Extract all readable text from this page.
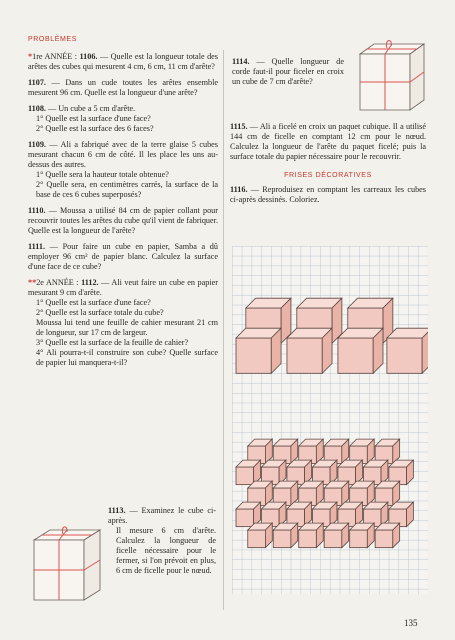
PROBLÈMES

*1re ANNÉE : 1106. — Quelle est la longueur totale des arêtes des cubes qui mesurent 4 cm, 6 cm, 11 cm d'arête?

1107. — Dans un cude toutes les arêtes ensemble mesurent 96 cm. Quelle est la longueur d'une arête?

1108. — Un cube a 5 cm d'arête.
1° Quelle est la surface d'une face?
2° Quelle est la surface des 6 faces?

1109. — Ali a fabriqué avec de la terre glaise 5 cubes mesurant chacun 6 cm de côté. Il les place les uns au-dessus des autres.
1° Quelle sera la hauteur totale obtenue?
2° Quelle sera, en centimètres carrés, la surface de la base de ces 6 cubes superposés?

1110. — Moussa a utilisé 84 cm de papier collant pour recouvrir toutes les arêtes du cube qu'il vient de fabriquer. Quelle est la longueur de l'arête?

1111. — Pour faire un cube en papier, Samba a dû employer 96 cm² de papier blanc. Calculez la surface d'une face de ce cube?

**2e ANNÉE : 1112. — Ali veut faire un cube en papier mesurant 9 cm d'arête.
1° Quelle est la surface d'une face?
2° Quelle est la surface totale du cube?
Moussa lui tend une feuille de cahier mesurant 21 cm de longueur, sur 17 cm de largeur.
3° Quelle est la surface de la feuille de cahier?
4° Ali pourra-t-il construire son cube? Quelle surface de papier lui manquera-t-il?

1113. — Examinez le cube ci-après.
Il mesure 6 cm d'arête. Calculez la longueur de ficelle nécessaire pour le fermer, si l'on prévoit en plus, 6 cm de ficelle pour le nœud.
1114. — Quelle longueur de corde faut-il pour ficeler en croix un cube de 7 cm d'arête?

1115. — Ali a ficelé en croix un paquet cubique. Il a utilisé 144 cm de ficelle en comptant 12 cm pour le nœud. Calculez la longueur de l'arête du paquet ficelé; puis la surface totale du papier nécessaire pour le recouvrir.

FRISES DÉCORATIVES

1116. — Reproduisez en comptant les carreaux les cubes ci-après dessinés. Coloriez.

135
